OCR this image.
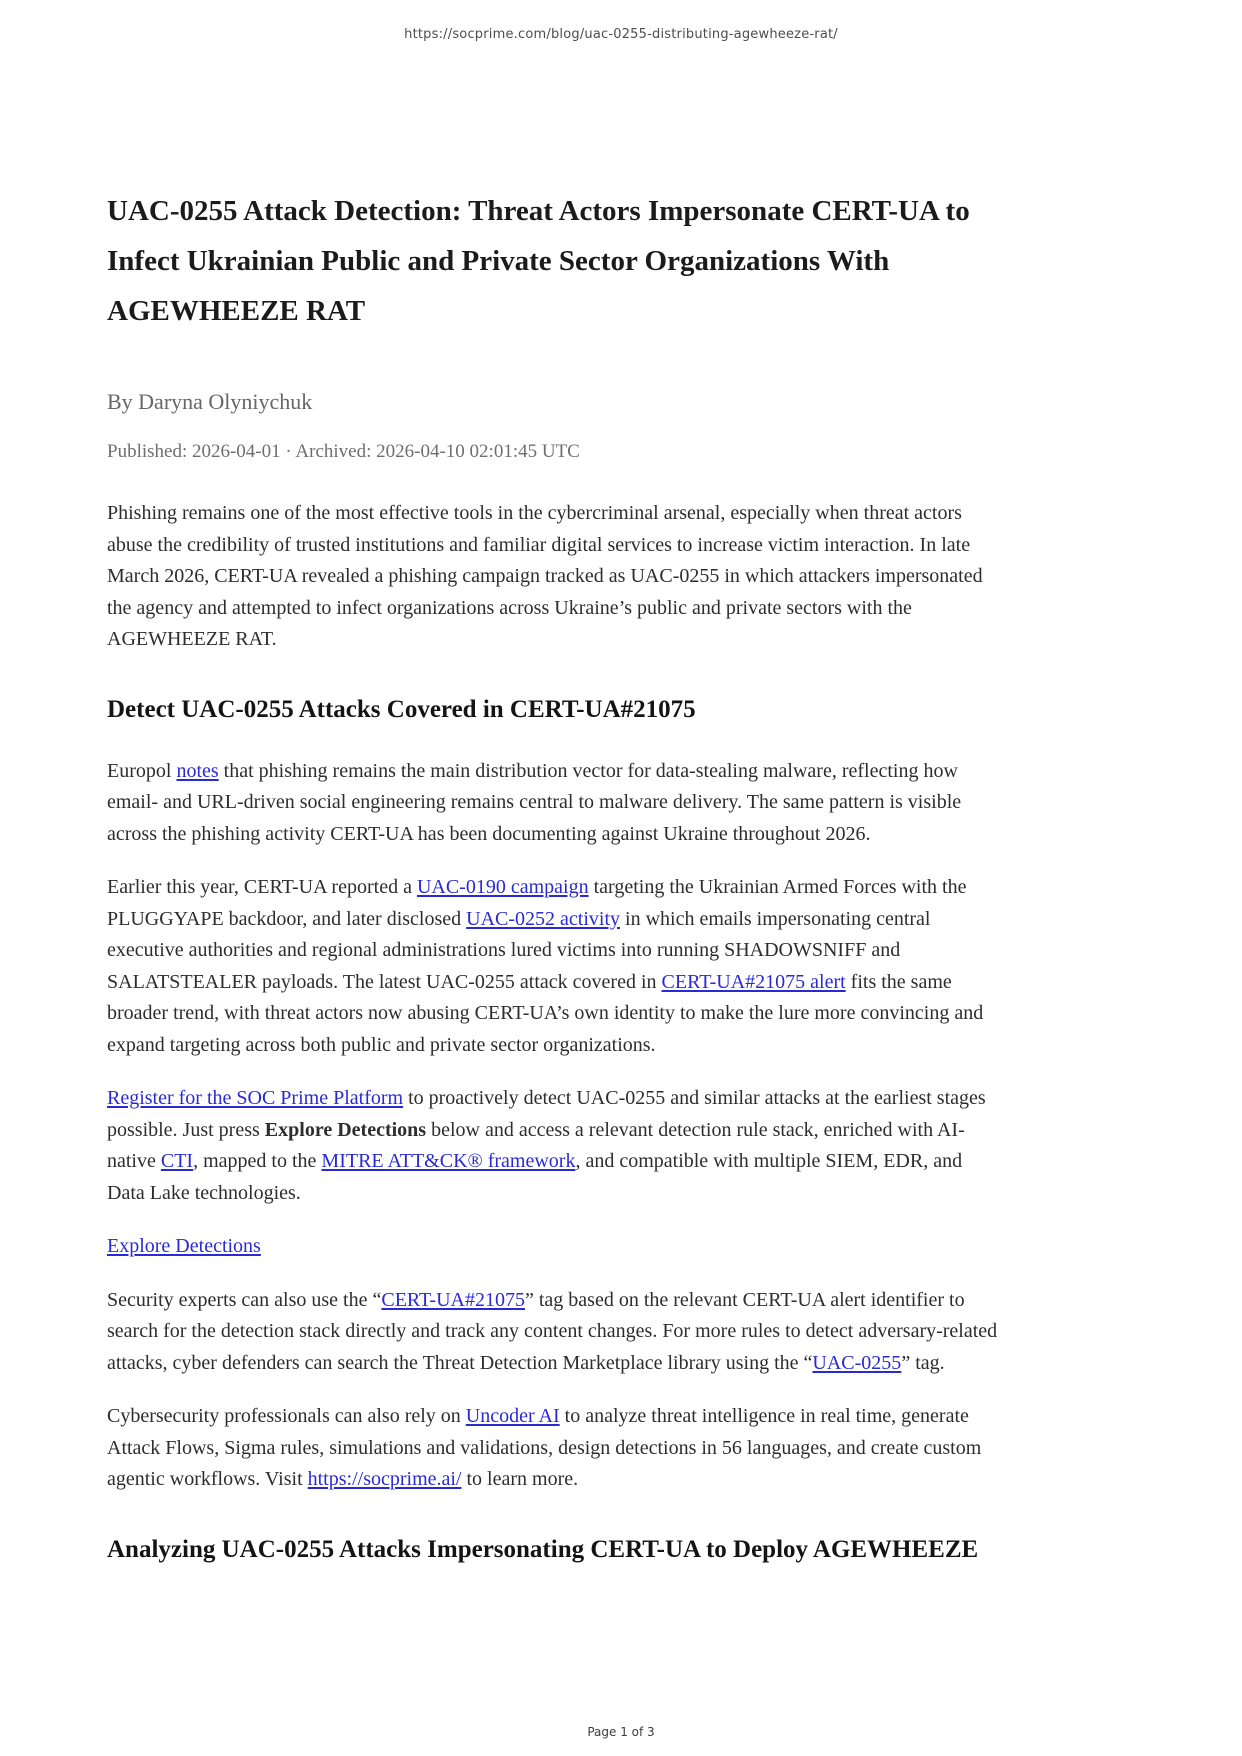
https://socprime.com/blog/uac-0255-distributing-agewheeze-rat/
UAC-0255 Attack Detection: Threat Actors Impersonate CERT-UA to Infect Ukrainian Public and Private Sector Organizations With AGEWHEEZE RAT
By Daryna Olyniychuk
Published: 2026-04-01 · Archived: 2026-04-10 02:01:45 UTC

Phishing remains one of the most effective tools in the cybercriminal arsenal, especially when threat actors abuse the credibility of trusted institutions and familiar digital services to increase victim interaction. In late March 2026, CERT-UA revealed a phishing campaign tracked as UAC-0255 in which attackers impersonated the agency and attempted to infect organizations across Ukraine’s public and private sectors with the AGEWHEEZE RAT.

Detect UAC-0255 Attacks Covered in CERT-UA#21075

Europol notes that phishing remains the main distribution vector for data-stealing malware, reflecting how email- and URL-driven social engineering remains central to malware delivery. The same pattern is visible across the phishing activity CERT-UA has been documenting against Ukraine throughout 2026.

Earlier this year, CERT-UA reported a UAC-0190 campaign targeting the Ukrainian Armed Forces with the PLUGGYAPE backdoor, and later disclosed UAC-0252 activity in which emails impersonating central executive authorities and regional administrations lured victims into running SHADOWSNIFF and SALATSTEALER payloads. The latest UAC-0255 attack covered in CERT-UA#21075 alert fits the same broader trend, with threat actors now abusing CERT-UA’s own identity to make the lure more convincing and expand targeting across both public and private sector organizations.

Register for the SOC Prime Platform to proactively detect UAC-0255 and similar attacks at the earliest stages possible. Just press Explore Detections below and access a relevant detection rule stack, enriched with AI-native CTI, mapped to the MITRE ATT&CK® framework, and compatible with multiple SIEM, EDR, and Data Lake technologies.

Explore Detections

Security experts can also use the “CERT-UA#21075” tag based on the relevant CERT-UA alert identifier to search for the detection stack directly and track any content changes. For more rules to detect adversary-related attacks, cyber defenders can search the Threat Detection Marketplace library using the “UAC-0255” tag.

Cybersecurity professionals can also rely on Uncoder AI to analyze threat intelligence in real time, generate Attack Flows, Sigma rules, simulations and validations, design detections in 56 languages, and create custom agentic workflows. Visit https://socprime.ai/ to learn more.

Analyzing UAC-0255 Attacks Impersonating CERT-UA to Deploy AGEWHEEZE
Page 1 of 3
